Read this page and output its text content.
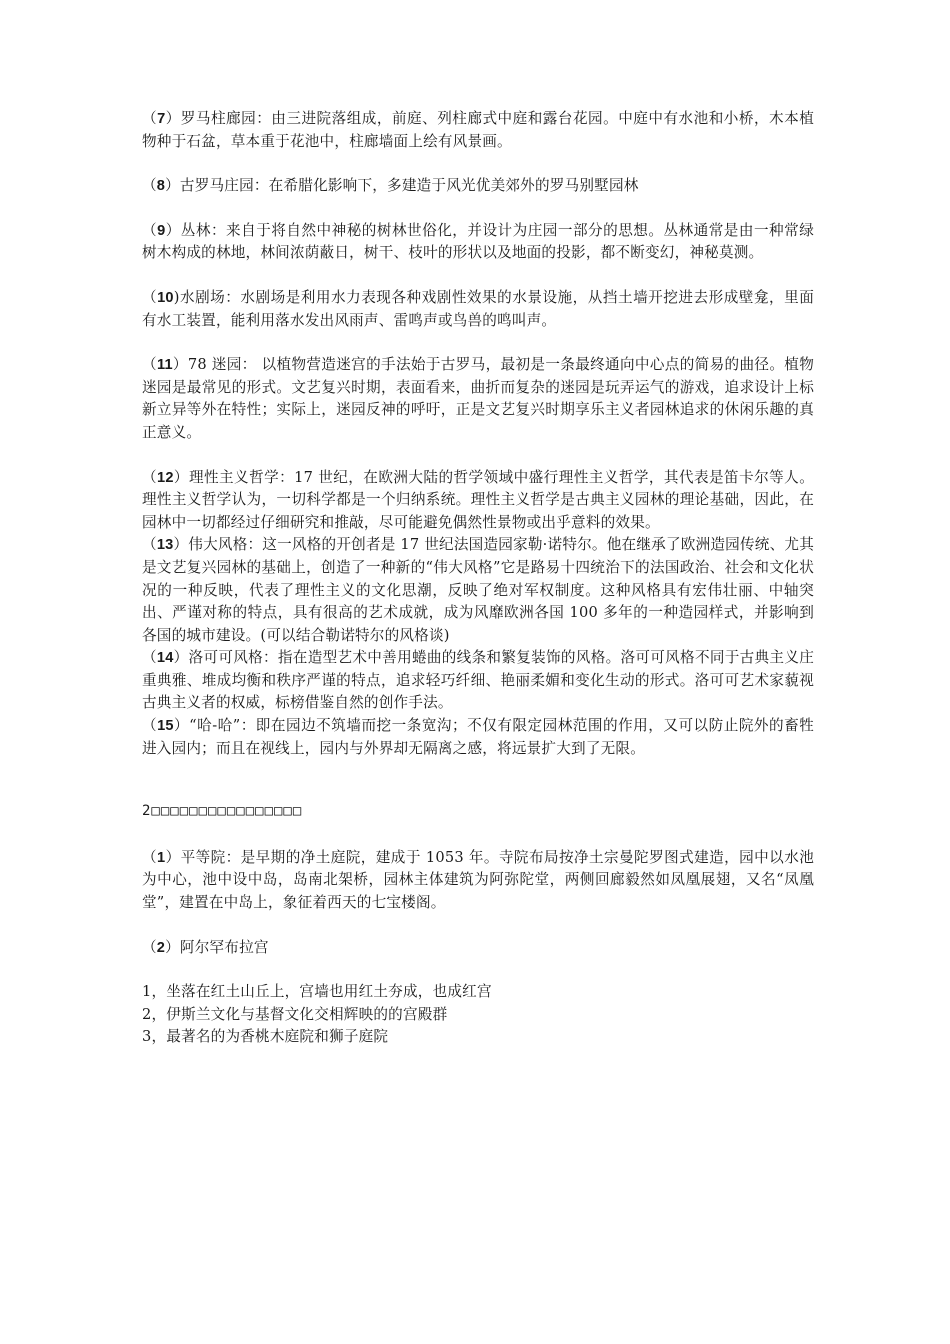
（7）罗马柱廊园：由三进院落组成，前庭、列柱廊式中庭和露台花园。中庭中有水池和小桥，木本植物种于石盆，草本重于花池中，柱廊墙面上绘有风景画。

（8）古罗马庄园：在希腊化影响下，多建造于风光优美郊外的罗马别墅园林

（9）丛林：来自于将自然中神秘的树林世俗化，并设计为庄园一部分的思想。丛林通常是由一种常绿树木构成的林地，林间浓荫蔽日，树干、枝叶的形状以及地面的投影，都不断变幻，神秘莫测。

（10)水剧场：水剧场是利用水力表现各种戏剧性效果的水景设施，从挡土墙开挖进去形成壁龛，里面有水工装置，能利用落水发出风雨声、雷鸣声或鸟兽的鸣叫声。

（11）78 迷园： 以植物营造迷宫的手法始于古罗马，最初是一条最终通向中心点的简易的曲径。植物迷园是最常见的形式。文艺复兴时期，表面看来，曲折而复杂的迷园是玩弄运气的游戏，追求设计上标新立异等外在特性；实际上，迷园反神的呼吁，正是文艺复兴时期享乐主义者园林追求的休闲乐趣的真正意义。

（12）理性主义哲学：17 世纪，在欧洲大陆的哲学领域中盛行理性主义哲学，其代表是笛卡尔等人。理性主义哲学认为，一切科学都是一个归纳系统。理性主义哲学是古典主义园林的理论基础，因此，在园林中一切都经过仔细研究和推敲，尽可能避免偶然性景物或出乎意料的效果。

（13）伟大风格：这一风格的开创者是 17 世纪法国造园家勒·诺特尔。他在继承了欧洲造园传统、尤其是文艺复兴园林的基础上，创造了一种新的“伟大风格”它是路易十四统治下的法国政治、社会和文化状况的一种反映，代表了理性主义的文化思潮，反映了绝对军权制度。这种风格具有宏伟壮丽、中轴突出、严谨对称的特点，具有很高的艺术成就，成为风靡欧洲各国 100 多年的一种造园样式，并影响到各国的城市建设。(可以结合勒诺特尔的风格谈)

（14）洛可可风格：指在造型艺术中善用蜷曲的线条和繁复装饰的风格。洛可可风格不同于古典主义庄重典雅、堆成均衡和秩序严谨的特点，追求轻巧纤细、艳丽柔媚和变化生动的形式。洛可可艺术家藐视古典主义者的权威，标榜借鉴自然的创作手法。

（15）“哈-哈”：即在园边不筑墙而挖一条宽沟；不仅有限定园林范围的作用，又可以防止院外的畜牲进入园内；而且在视线上，园内与外界却无隔离之感，将远景扩大到了无限。

2□□□□□□□□□□□□□□□□

（1）平等院：是早期的净土庭院，建成于 1053 年。寺院布局按净土宗曼陀罗图式建造，园中以水池为中心，池中设中岛，岛南北架桥，园林主体建筑为阿弥陀堂，两侧回廊毅然如凤凰展翅，又名“凤凰堂”，建置在中岛上，象征着西天的七宝楼阁。

（2）阿尔罕布拉宫

1，坐落在红土山丘上，宫墙也用红土夯成，也成红宫

2，伊斯兰文化与基督文化交相辉映的的宫殿群

3，最著名的为香桃木庭院和狮子庭院
